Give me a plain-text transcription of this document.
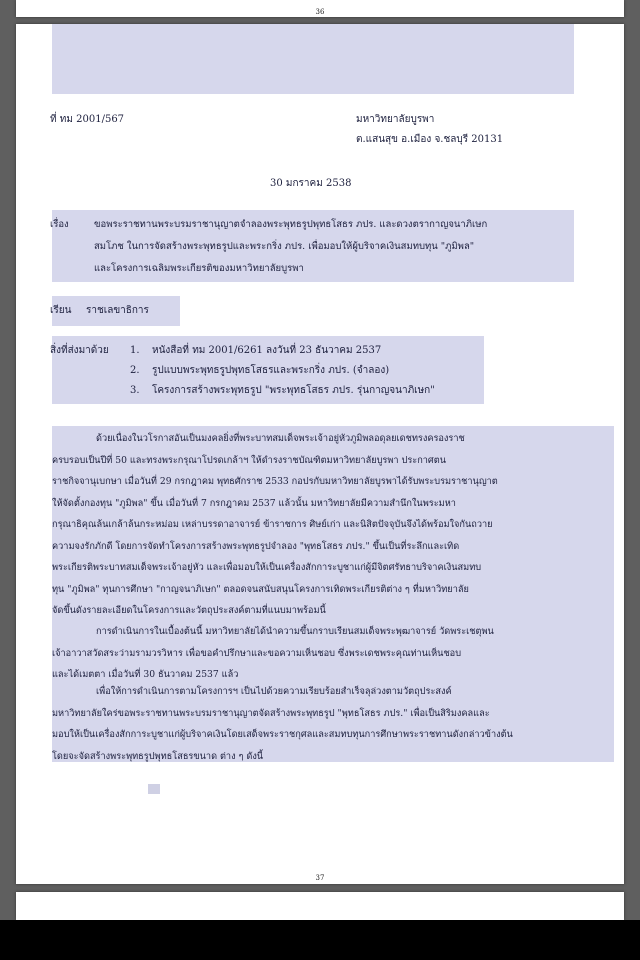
36
ที่ ทม 2001/567	มหาวิทยาลัยบูรพา
ต.แสนสุข อ.เมือง จ.ชลบุรี 20131
30 มกราคม 2538
เรื่อง	ขอพระราชทานพระบรมราชานุญาตจำลองพระพุทธรูปพุทธโสธร ภปร. และดวงตรากาญจนาภิเษก
สมโภช ในการจัดสร้างพระพุทธรูปและพระกริ่ง ภปร. เพื่อมอบให้ผู้บริจาคเงินสมทบทุน "ภูมิพล"
และโครงการเฉลิมพระเกียรติของมหาวิทยาลัยบูรพา
เรียน ราชเลขาธิการ
สิ่งที่ส่งมาด้วย 1. หนังสือที่ ทม 2001/6261 ลงวันที่ 23 ธันวาคม 2537
2. รูปแบบพระพุทธรูปพุทธโสธรและพระกริ่ง ภปร. (จำลอง)
3. โครงการสร้างพระพุทธรูป "พระพุทธโสธร ภปร. รุ่นกาญจนาภิเษก"
ด้วยเนื่องในวโรกาสอันเป็นมงคลยิ่งที่พระบาทสมเด็จพระเจ้าอยู่หัวภูมิพลอดุลยเดชทรงครองราช
ครบรอบเป็นปีที่ 50 และทรงพระกรุณาโปรดเกล้าฯ ให้ดำรงราชบัณฑิตมหาวิทยาลัยบูรพา ประกาศตน
ราชกิจจานุเบกษา เมื่อวันที่ 29 กรกฎาคม พุทธศักราช 2533 กอปรกับมหาวิทยาลัยบูรพาได้รับพระบรมราชานุญาต
ให้จัดตั้งกองทุน "ภูมิพล" ขึ้น เมื่อวันที่ 7 กรกฎาคม 2537 แล้วนั้น มหาวิทยาลัยมีความสำนึกในพระมหา
กรุณาธิคุณล้นเกล้าล้นกระหม่อม เหล่าบรรดาอาจารย์ ข้าราชการ ศิษย์เก่า และนิสิตปัจจุบันจึงได้พร้อมใจกันถวาย
ความจงรักภักดี โดยการจัดทำโครงการสร้างพระพุทธรูปจำลอง "พุทธโสธร ภปร." ขึ้นเป็นที่ระลึกและเทิด
พระเกียรติพระบาทสมเด็จพระเจ้าอยู่หัว และเพื่อมอบให้เป็นเครื่องสักการะบูชาแก่ผู้มีจิตศรัทธาบริจาคเงินสมทบ
ทุน "ภูมิพล" ทุนการศึกษา "กาญจนาภิเษก" ตลอดจนสนับสนุนโครงการเทิดพระเกียรติต่าง ๆ ที่มหาวิทยาลัย
จัดขึ้นดังรายละเอียดในโครงการและวัตถุประสงค์ตามที่แนบมาพร้อมนี้
การดำเนินการในเบื้องต้นนี้ มหาวิทยาลัยได้นำความขึ้นกราบเรียนสมเด็จพระพุฒาจารย์ วัดพระเชตุพน
เจ้าอาวาสวัดสระว่ามรามวรวิหาร เพื่อขอคำปรึกษาและขอความเห็นชอบ ซึ่งพระเดชพระคุณท่านเห็นชอบ
และได้เมตตา เมื่อวันที่ 30 ธันวาคม 2537 แล้ว
เพื่อให้การดำเนินการตามโครงการฯ เป็นไปด้วยความเรียบร้อยสำเร็จลุล่วงตามวัตถุประสงค์
มหาวิทยาลัยใคร่ขอพระราชทานพระบรมราชานุญาตจัดสร้างพระพุทธรูป "พุทธโสธร ภปร." เพื่อเป็นสิริมงคลและ
มอบให้เป็นเครื่องสักการะบูชาแก่ผู้บริจาคเงินโดยเสด็จพระราชกุศลและสมทบทุนการศึกษาพระราชทานดังกล่าวข้างต้น
โดยจะจัดสร้างพระพุทธรูปพุทธโสธรขนาด ต่าง ๆ ดังนี้
37
